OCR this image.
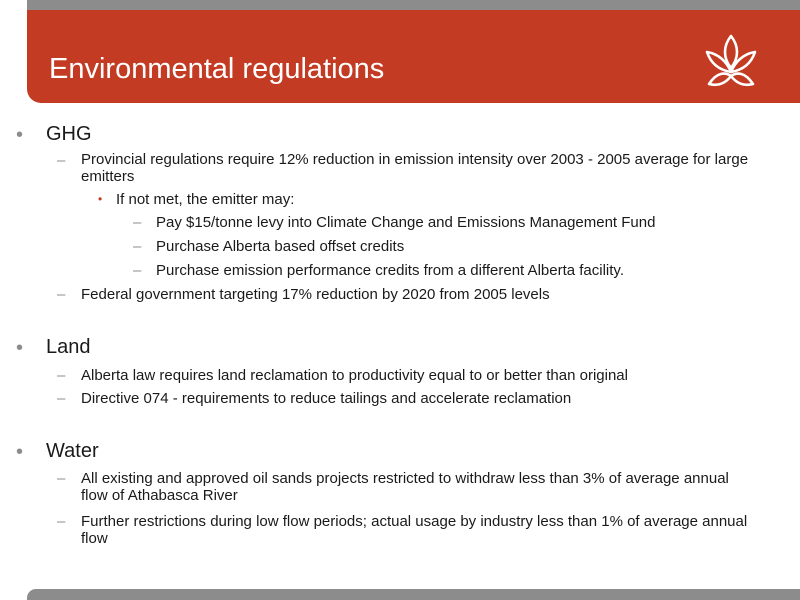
Environmental regulations
• GHG
– Provincial regulations require 12% reduction in emission intensity over 2003 - 2005 average for large emitters
• If not met, the emitter may:
– Pay $15/tonne levy into Climate Change and Emissions Management Fund
– Purchase Alberta based offset credits
– Purchase emission performance credits from a different Alberta facility.
– Federal government targeting 17% reduction by 2020 from 2005 levels
• Land
– Alberta law requires land reclamation to productivity equal to or better than original
– Directive 074 - requirements to reduce tailings and accelerate reclamation
• Water
– All existing and approved oil sands projects restricted to withdraw less than 3% of average annual flow of Athabasca River
– Further restrictions during low flow periods; actual usage by industry less than 1% of average annual flow
